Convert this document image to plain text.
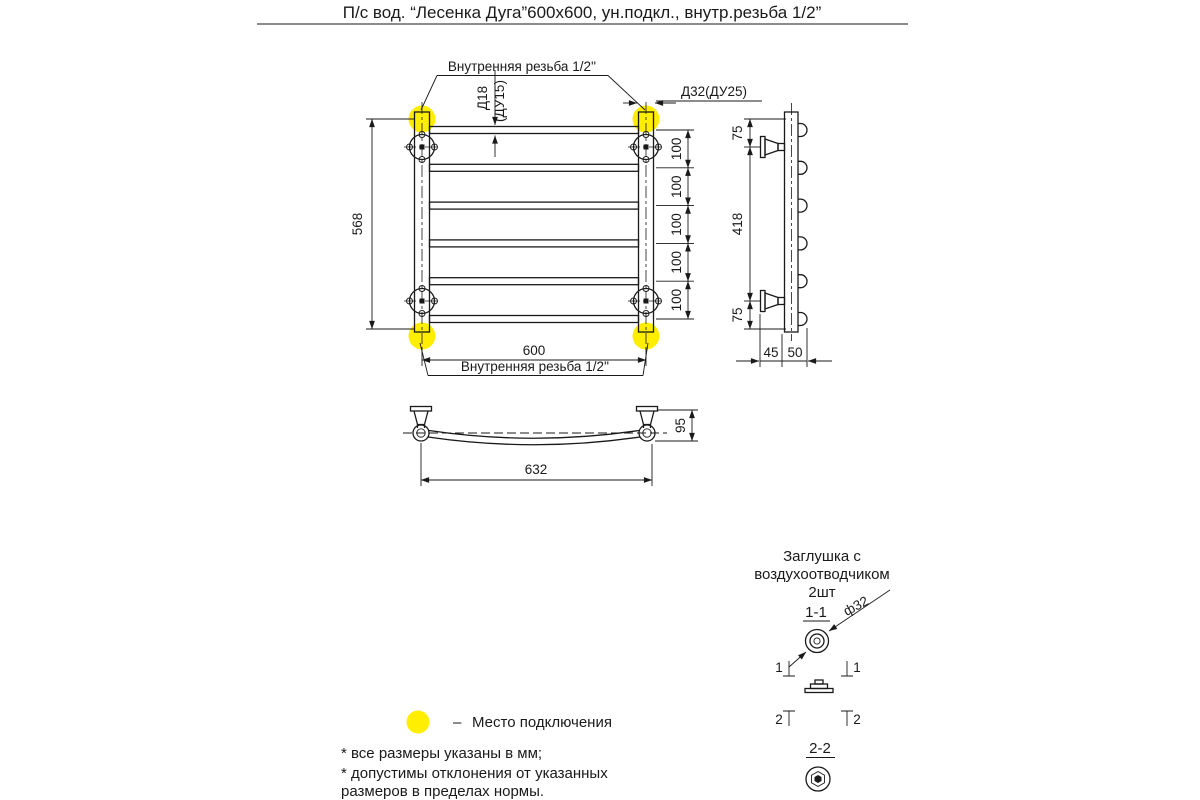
П/с вод. “Лесенка Дуга”600х600, ун.подкл., внутр.резьба 1/2”
Внутренняя резьба 1/2''
Д18 (ДУ15)	Д32(ДУ25)
568
600
Внутренняя резьба 1/2''
100
100
100
100
100
75
418
75
45 50
95
632
Заглушка с
воздухоотводчиком
2шт
1-1 ф32
1	1
2	2
2-2
– Место подключения
* все размеры указаны в мм;
* допустимы отклонения от указанных
размеров в пределах нормы.
